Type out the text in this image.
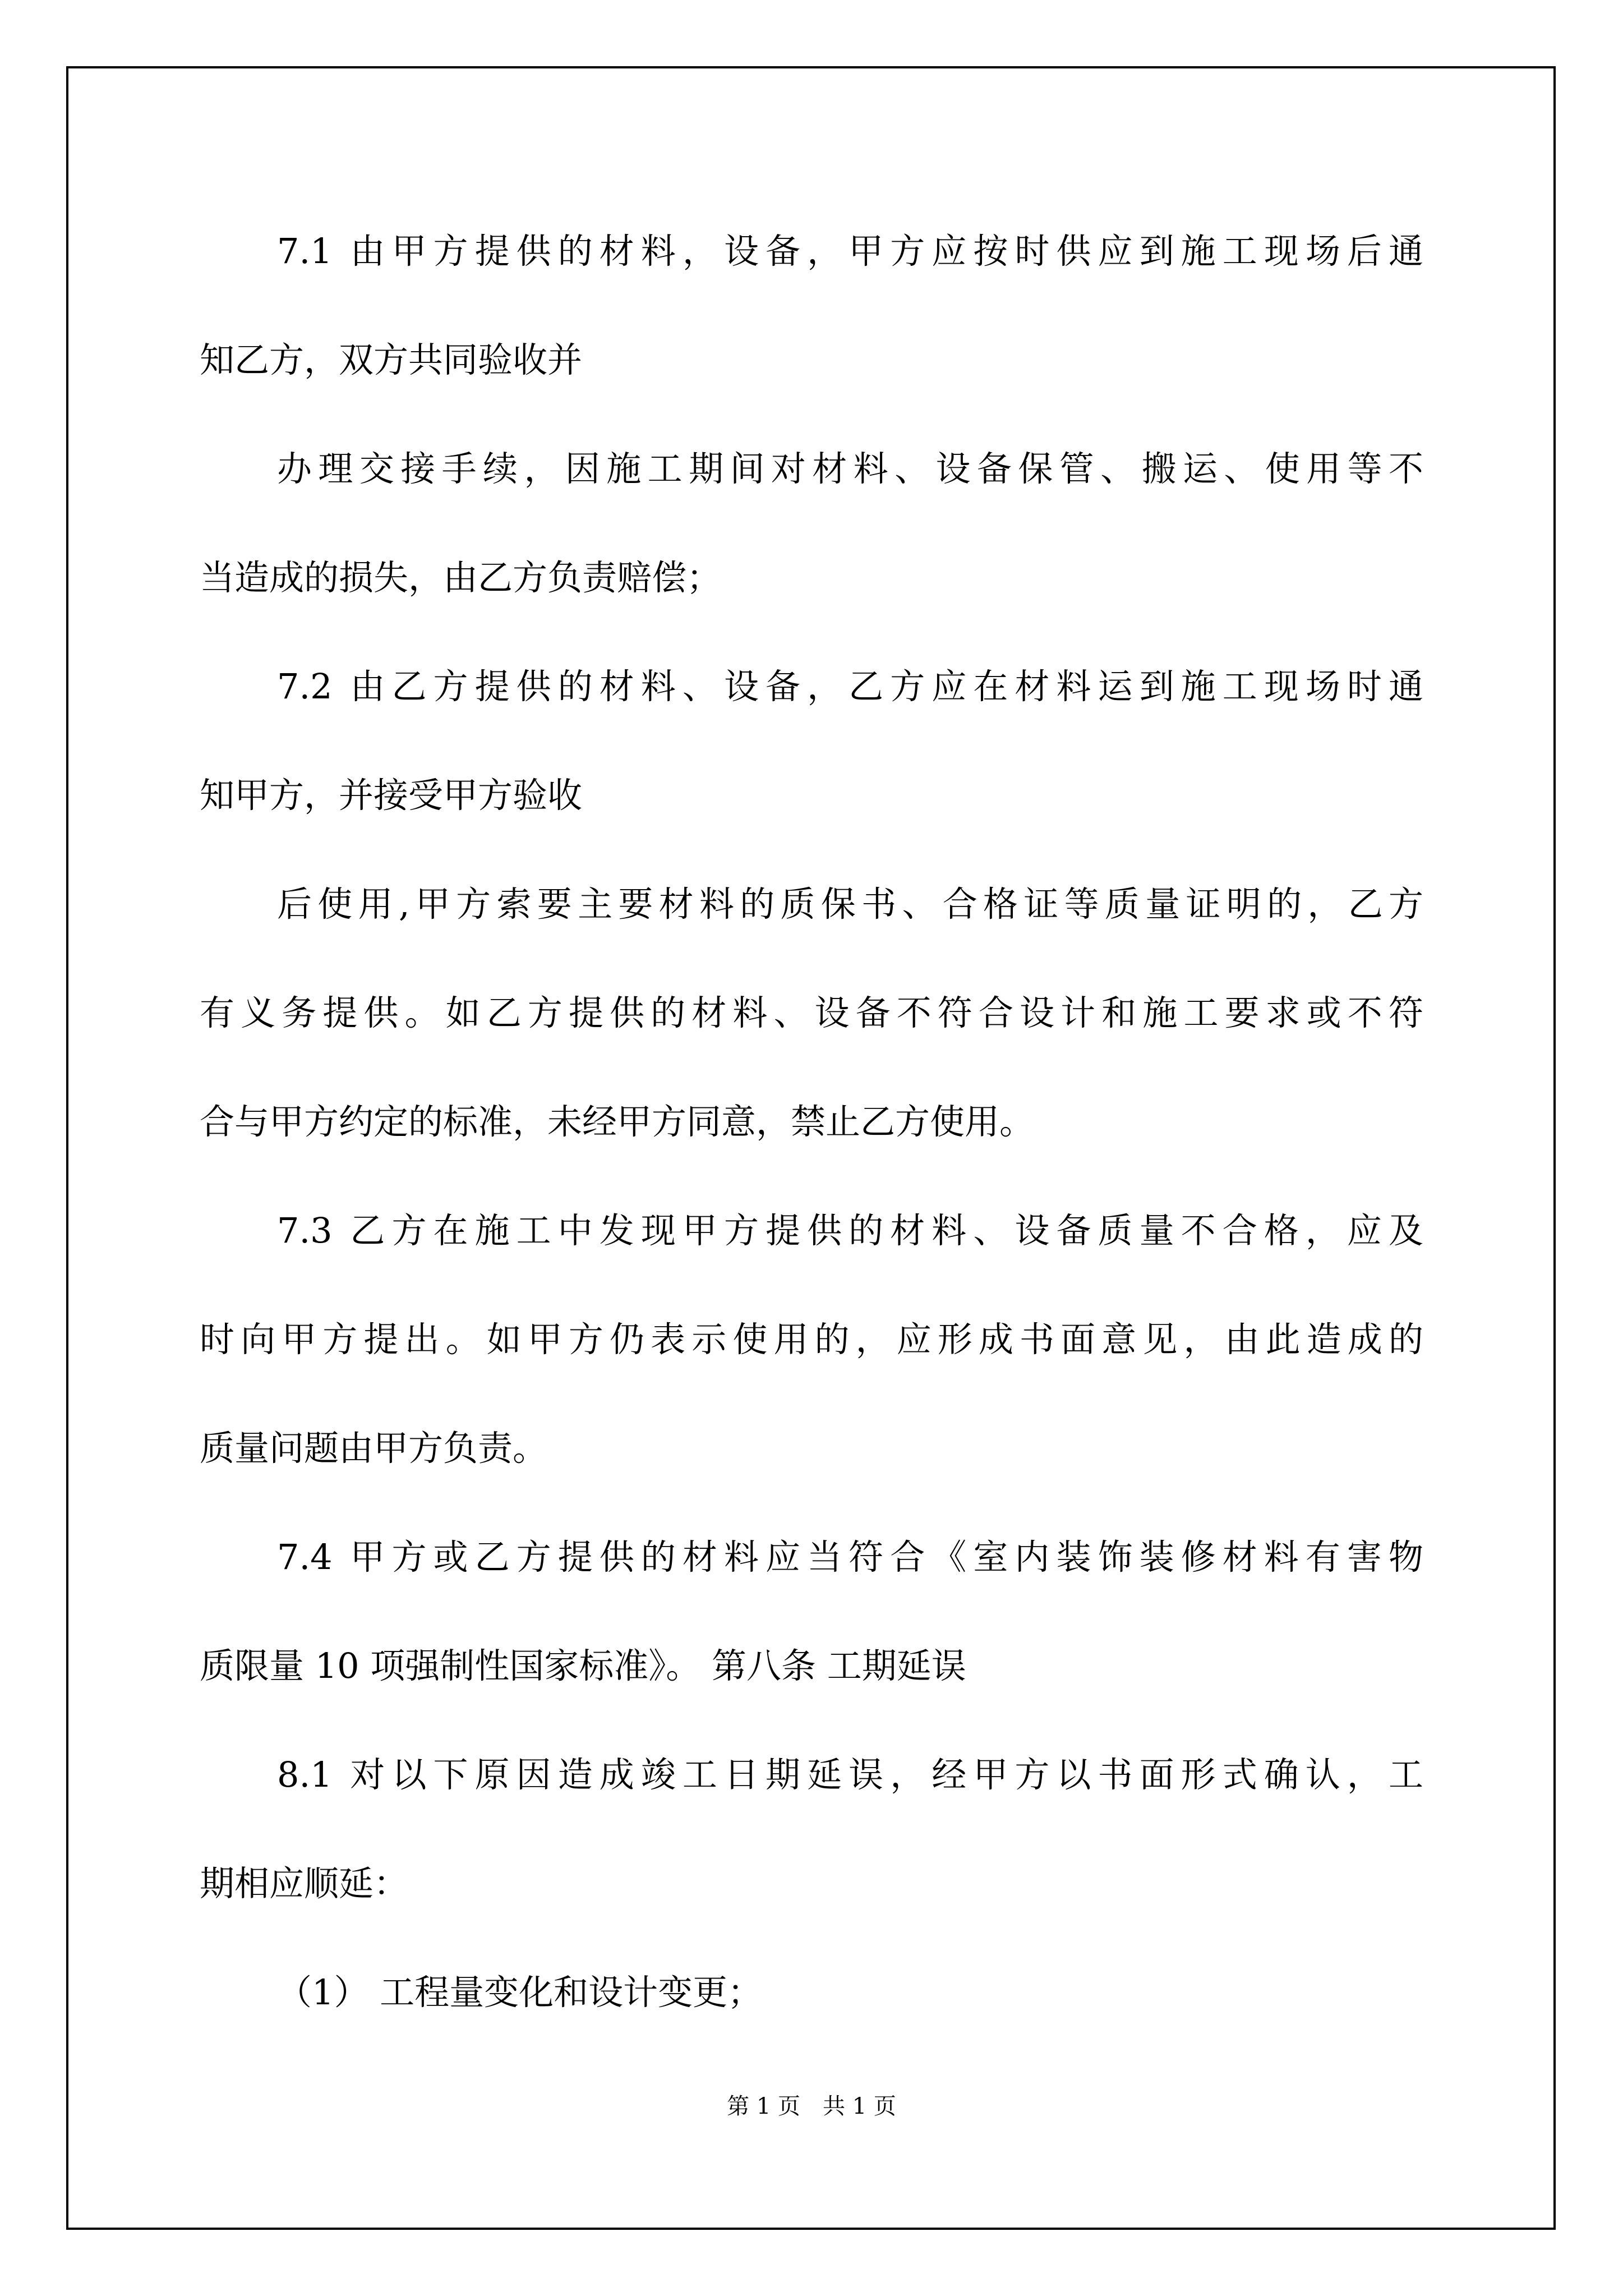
7.1 由甲方提供的材料，设备，甲方应按时供应到施工现场后通
知乙方，双方共同验收并
办理交接手续，因施工期间对材料、设备保管、搬运、使用等不
当造成的损失，由乙方负责赔偿；
7.2 由乙方提供的材料、设备，乙方应在材料运到施工现场时通
知甲方，并接受甲方验收
后使用,甲方索要主要材料的质保书、合格证等质量证明的，乙方
有义务提供。如乙方提供的材料、设备不符合设计和施工要求或不符
合与甲方约定的标准，未经甲方同意，禁止乙方使用。
7.3 乙方在施工中发现甲方提供的材料、设备质量不合格，应及
时向甲方提出。如甲方仍表示使用的，应形成书面意见，由此造成的
质量问题由甲方负责。
7.4 甲方或乙方提供的材料应当符合《室内装饰装修材料有害物
质限量 10 项强制性国家标准》。 第八条 工期延误
8.1 对以下原因造成竣工日期延误，经甲方以书面形式确认，工
期相应顺延：
（1） 工程量变化和设计变更；
第 1 页 共 1 页
